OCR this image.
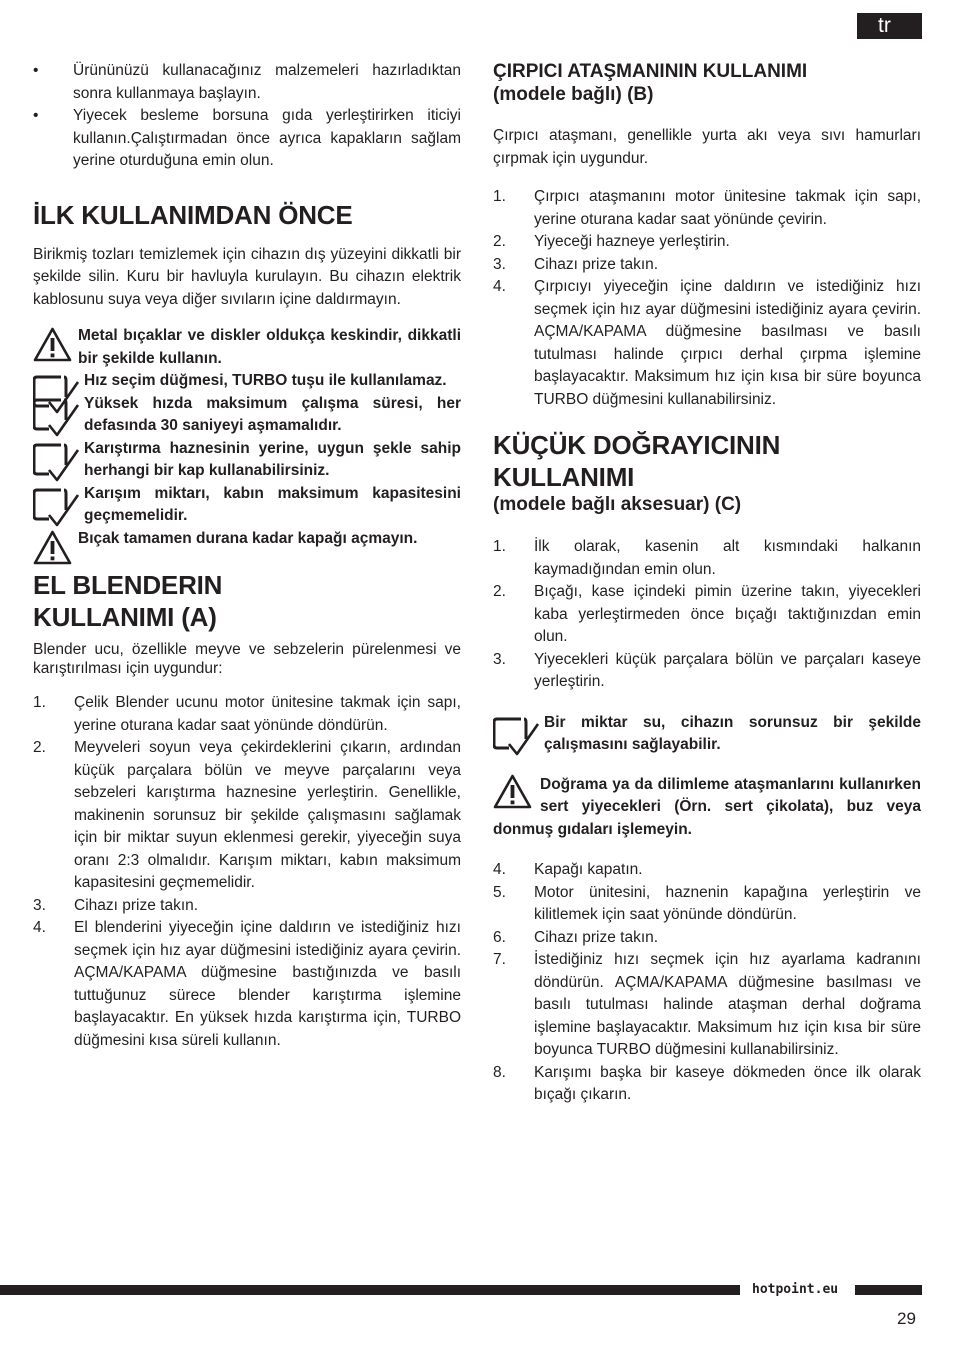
tr
• Ürününüzü kullanacağınız malzemeleri hazırladıktan sonra kullanmaya başlayın.
• Yiyecek besleme borsuna gıda yerleştirirken iticiyi kullanın.Çalıştırmadan önce ayrıca kapakların sağlam yerine oturduğuna emin olun.
İLK KULLANIMDAN ÖNCE

Birikmiş tozları temizlemek için cihazın dış yüzeyini dikkatli bir şekilde silin. Kuru bir havluyla kurulayın. Bu cihazın elektrik kablosunu suya veya diğer sıvıların içine daldırmayın.

Metal bıçaklar ve diskler oldukça keskindir, dikkatli bir şekilde kullanın.
Hız seçim düğmesi, TURBO tuşu ile kullanılamaz.
Yüksek hızda maksimum çalışma süresi, her defasında 30 saniyeyi aşmamalıdır.
Karıştırma haznesinin yerine, uygun şekle sahip herhangi bir kap kullanabilirsiniz.
Karışım miktarı, kabın maksimum kapasitesini geçmemelidir.
Bıçak tamamen durana kadar kapağı açmayın.
EL BLENDERIN
KULLANIMI (A)

Blender ucu, özellikle meyve ve sebzelerin pürelenmesi ve karıştırılması için uygundur:

1. Çelik Blender ucunu motor ünitesine takmak için sapı, yerine oturana kadar saat yönünde döndürün.
2. Meyveleri soyun veya çekirdeklerini çıkarın, ardından küçük parçalara bölün ve meyve parçalarını veya sebzeleri karıştırma haznesine yerleştirin. Genellikle, makinenin sorunsuz bir şekilde çalışmasını sağlamak için bir miktar suyun eklenmesi gerekir, yiyeceğin suya oranı 2:3 olmalıdır. Karışım miktarı, kabın maksimum kapasitesini geçmemelidir.
3. Cihazı prize takın.
4. El blenderini yiyeceğin içine daldırın ve istediğiniz hızı seçmek için hız ayar düğmesini istediğiniz ayara çevirin. AÇMA/KAPAMA düğmesine bastığınızda ve basılı tuttuğunuz sürece blender karıştırma işlemine başlayacaktır. En yüksek hızda karıştırma için, TURBO düğmesini kısa süreli kullanın.
ÇIRPICI ATAŞMANININ KULLANIMI
(modele bağlı) (B)

Çırpıcı ataşmanı, genellikle yurta akı veya sıvı hamurları çırpmak için uygundur.

1. Çırpıcı ataşmanını motor ünitesine takmak için sapı, yerine oturana kadar saat yönünde çevirin.
2. Yiyeceği hazneye yerleştirin.
3. Cihazı prize takın.
4. Çırpıcıyı yiyeceğin içine daldırın ve istediğiniz hızı seçmek için hız ayar düğmesini istediğiniz ayara çevirin. AÇMA/KAPAMA düğmesine basılması ve basılı tutulması halinde çırpıcı derhal çırpma işlemine başlayacaktır. Maksimum hız için kısa bir süre boyunca TURBO düğmesini kullanabilirsiniz.
KÜÇÜK DOĞRAYICININ
KULLANIMI
(modele bağlı aksesuar) (C)
1. İlk olarak, kasenin alt kısmındaki halkanın kaymadığından emin olun.
2. Bıçağı, kase içindeki pimin üzerine takın, yiyecekleri kaba yerleştirmeden önce bıçağı taktığınızdan emin olun.
3. Yiyecekleri küçük parçalara bölün ve parçaları kaseye yerleştirin.
Bir miktar su, cihazın sorunsuz bir şekilde çalışmasını sağlayabilir.
Doğrama ya da dilimleme ataşmanlarını kullanırken sert yiyecekleri (Örn. sert çikolata), buz veya donmuş gıdaları işlemeyin.
4. Kapağı kapatın.
5. Motor ünitesini, haznenin kapağına yerleştirin ve kilitlemek için saat yönünde döndürün.
6. Cihazı prize takın.
7. İstediğiniz hızı seçmek için hız ayarlama kadranını döndürün. AÇMA/KAPAMA düğmesine basılması ve basılı tutulması halinde ataşman derhal doğrama işlemine başlayacaktır. Maksimum hız için kısa bir süre boyunca TURBO düğmesini kullanabilirsiniz.
8. Karışımı başka bir kaseye dökmeden önce ilk olarak bıçağı çıkarın.
hotpoint.eu
29
